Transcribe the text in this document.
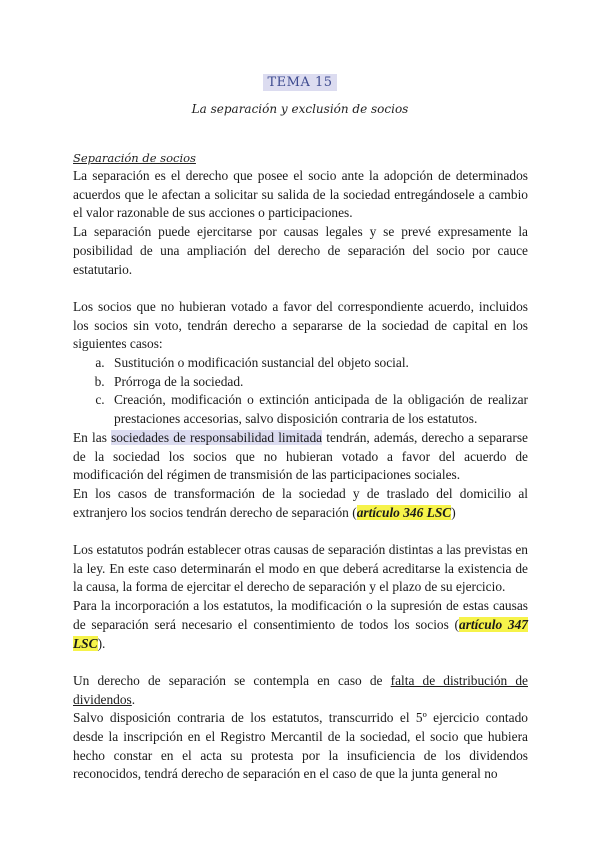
TEMA 15
La separación y exclusión de socios
Separación de socios

La separación es el derecho que posee el socio ante la adopción de determinados acuerdos que le afectan a solicitar su salida de la sociedad entregándosele a cambio el valor razonable de sus acciones o participaciones.

La separación puede ejercitarse por causas legales y se prevé expresamente la posibilidad de una ampliación del derecho de separación del socio por cauce estatutario.

Los socios que no hubieran votado a favor del correspondiente acuerdo, incluidos los socios sin voto, tendrán derecho a separarse de la sociedad de capital en los siguientes casos:

a. Sustitución o modificación sustancial del objeto social.
b. Prórroga de la sociedad.
c. Creación, modificación o extinción anticipada de la obligación de realizar prestaciones accesorias, salvo disposición contraria de los estatutos.

En las sociedades de responsabilidad limitada tendrán, además, derecho a separarse de la sociedad los socios que no hubieran votado a favor del acuerdo de modificación del régimen de transmisión de las participaciones sociales.

En los casos de transformación de la sociedad y de traslado del domicilio al extranjero los socios tendrán derecho de separación (artículo 346 LSC)

Los estatutos podrán establecer otras causas de separación distintas a las previstas en la ley. En este caso determinarán el modo en que deberá acreditarse la existencia de la causa, la forma de ejercitar el derecho de separación y el plazo de su ejercicio.

Para la incorporación a los estatutos, la modificación o la supresión de estas causas de separación será necesario el consentimiento de todos los socios (artículo 347 LSC).

Un derecho de separación se contempla en caso de falta de distribución de dividendos.

Salvo disposición contraria de los estatutos, transcurrido el 5º ejercicio contado desde la inscripción en el Registro Mercantil de la sociedad, el socio que hubiera hecho constar en el acta su protesta por la insuficiencia de los dividendos reconocidos, tendrá derecho de separación en el caso de que la junta general no
